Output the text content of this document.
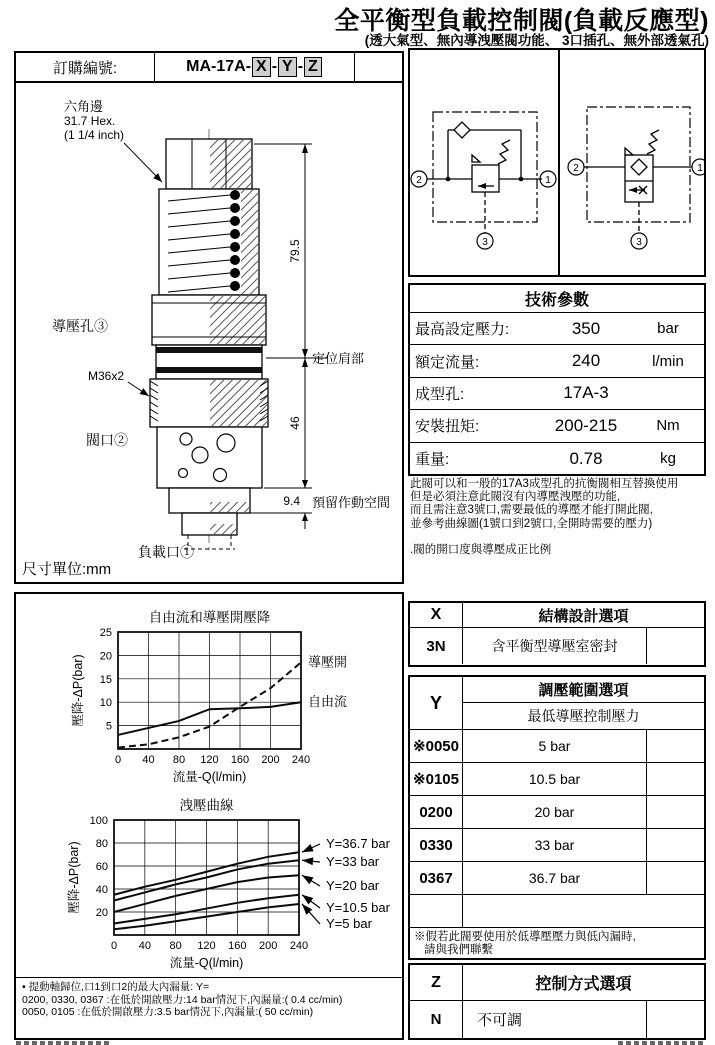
全平衡型負載控制閥(負載反應型)
(透大氣型、無內導洩壓閥功能、 3口插孔、無外部透氣孔)
訂購編號:	MA-17A- X - Y - Z
六角邊
31.7 Hex.
(1 1/4 inch)
導壓孔③
M36x2
閥口②
負載口①
79.5
46
9.4
定位肩部
預留作動空間
尺寸單位:mm
0 40 80 120 160 200 240
5
10
15
20
25
自由流和導壓開壓降
流量-Q(l/min)
壓降-ΔP(bar)	導壓開
自由流
0 40 80 120 160 200 240
20
40
60
80
100
洩壓曲線
流量-Q(l/min)
壓降-ΔP(bar)	Y=36.7 bar
Y=33 bar
Y=20 bar
Y=10.5 bar
Y=5 bar
• 提動軸歸位,口1到口2的最大內漏量: Y=
0200, 0330, 0367 :在低於開啟壓力:14 bar情況下,內漏量:( 0.4 cc/min)
0050, 0105 :在低於開啟壓力:3.5 bar情況下,內漏量:( 50 cc/min)
2	1
3
2	1
3
技術參數
最高設定壓力:	350	bar
額定流量:	240	l/min
成型孔:	17A-3
安裝扭矩:	200-215	Nm
重量:	0.78	kg
此閥可以和一般的17A3成型孔的抗衡閥相互替換使用
但是必須注意此閥沒有內導壓洩壓的功能,
而且需注意3號口,需要最低的導壓才能打開此閥,
並參考曲線圖(1號口到2號口,全開時需要的壓力)
.閥的開口度與導壓成正比例
X	結構設計選項
3N	含平衡型導壓室密封
Y
調壓範圍選項
最低導壓控制壓力
※0050	5 bar
※0105	10.5 bar
0200	20 bar
0330	33 bar
0367	36.7 bar
※假若此閥要使用於低導壓壓力與低內漏時,
請與我們聯繫
Z	控制方式選項
N	不可調
